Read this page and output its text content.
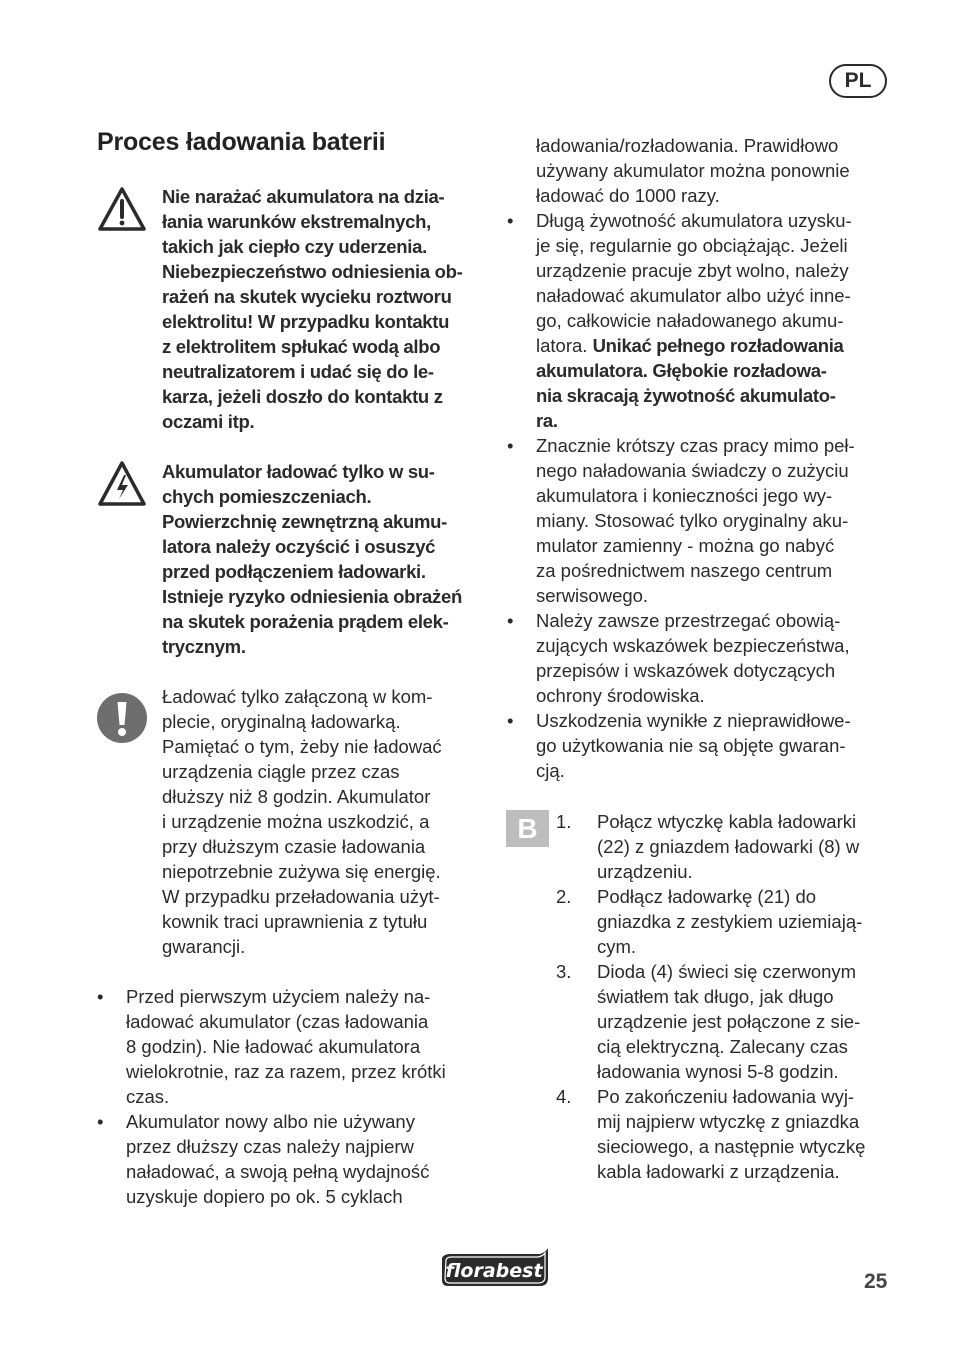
PL
Proces ładowania baterii
Nie narażać akumulatora na dzia-
łania warunków ekstremalnych,
takich jak ciepło czy uderzenia.
Niebezpieczeństwo odniesienia ob-
rażeń na skutek wycieku roztworu
elektrolitu! W przypadku kontaktu
z elektrolitem spłukać wodą albo
neutralizatorem i udać się do le-
karza, jeżeli doszło do kontaktu z
oczami itp.
Akumulator ładować tylko w su-
chych pomieszczeniach.
Powierzchnię zewnętrzną akumu-
latora należy oczyścić i osuszyć
przed podłączeniem ładowarki.
Istnieje ryzyko odniesienia obrażeń
na skutek porażenia prądem elek-
trycznym.
Ładować tylko załączoną w kom-
plecie, oryginalną ładowarką.
Pamiętać o tym, żeby nie ładować
urządzenia ciągle przez czas
dłuższy niż 8 godzin. Akumulator
i urządzenie można uszkodzić, a
przy dłuższym czasie ładowania
niepotrzebnie zużywa się energię.
W przypadku przeładowania użyt-
kownik traci uprawnienia z tytułu
gwarancji.
• Przed pierwszym użyciem należy na-
ładować akumulator (czas ładowania
8 godzin). Nie ładować akumulatora
wielokrotnie, raz za razem, przez krótki
czas.
• Akumulator nowy albo nie używany
przez dłuższy czas należy najpierw
naładować, a swoją pełną wydajność
uzyskuje dopiero po ok. 5 cyklach
ładowania/rozładowania. Prawidłowo
używany akumulator można ponownie
ładować do 1000 razy.
• Długą żywotność akumulatora uzysku-
je się, regularnie go obciążając. Jeżeli
urządzenie pracuje zbyt wolno, należy
naładować akumulator albo użyć inne-
go, całkowicie naładowanego akumu-
latora. Unikać pełnego rozładowania
akumulatora. Głębokie rozładowa-
nia skracają żywotność akumulato-
ra.
• Znacznie krótszy czas pracy mimo peł-
nego naładowania świadczy o zużyciu
akumulatora i konieczności jego wy-
miany. Stosować tylko oryginalny aku-
mulator zamienny - można go nabyć
za pośrednictwem naszego centrum
serwisowego.
• Należy zawsze przestrzegać obowią-
zujących wskazówek bezpieczeństwa,
przepisów i wskazówek dotyczących
ochrony środowiska.
• Uszkodzenia wynikłe z nieprawidłowe-
go użytkowania nie są objęte gwaran-
cją.
B 1. Połącz wtyczkę kabla ładowarki
(22) z gniazdem ładowarki (8) w
urządzeniu.
2. Podłącz ładowarkę (21) do
gniazdka z zestykiem uziemiają-
cym.
3. Dioda (4) świeci się czerwonym
światłem tak długo, jak długo
urządzenie jest połączone z sie-
cią elektryczną. Zalecany czas
ładowania wynosi 5-8 godzin.
4. Po zakończeniu ładowania wyj-
mij najpierw wtyczkę z gniazdka
sieciowego, a następnie wtyczkę
kabla ładowarki z urządzenia.
florabest	25
